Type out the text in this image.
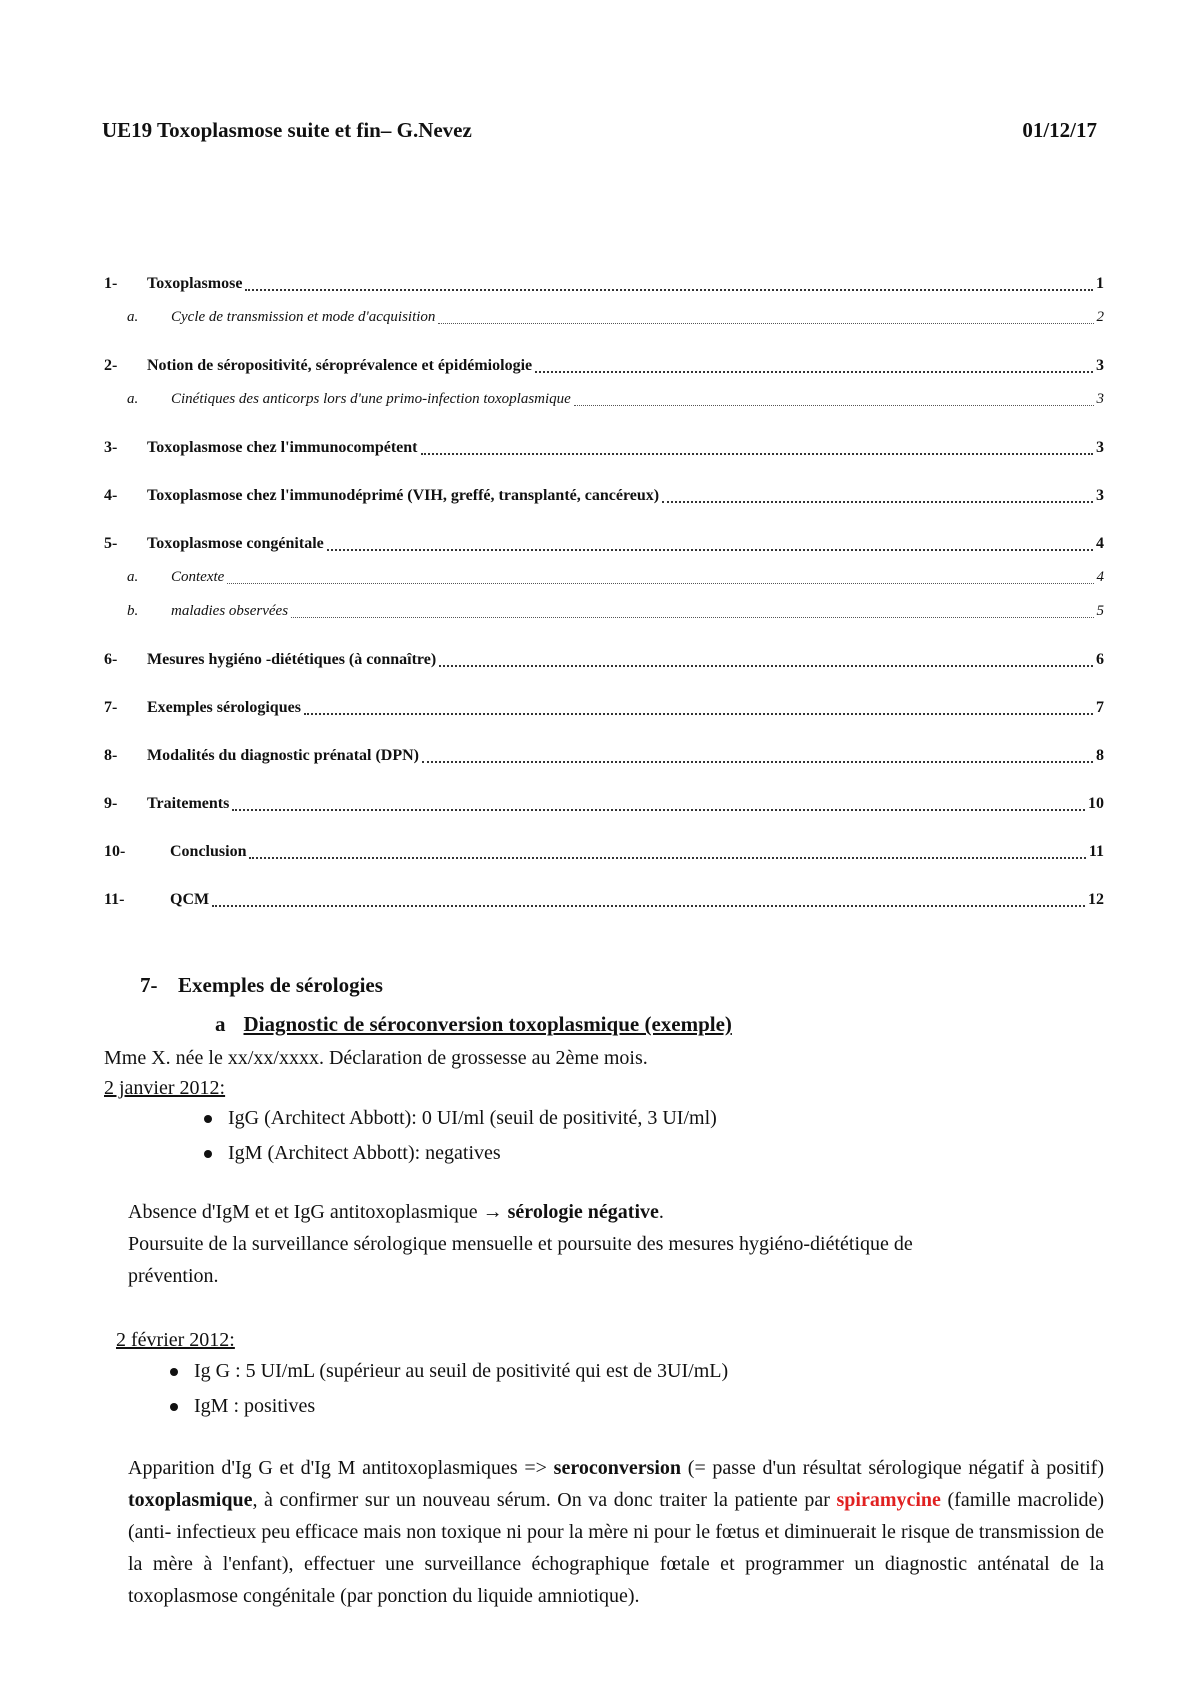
UE19 Toxoplasmose suite et fin– G.Nevez	01/12/17
1-	Toxoplasmose	1
a.	Cycle de transmission et mode d'acquisition	2
2-	Notion de séropositivité, séroprévalence et épidémiologie	3
a.	Cinétiques des anticorps lors d'une primo-infection toxoplasmique	3
3-	Toxoplasmose chez l'immunocompétent	3
4-	Toxoplasmose chez l'immunodéprimé (VIH, greffé, transplanté, cancéreux)	3
5-	Toxoplasmose congénitale	4
a.	Contexte	4
b.	maladies observées	5
6-	Mesures hygiéno -diététiques (à connaître)	6
7-	Exemples sérologiques	7
8-	Modalités du diagnostic prénatal (DPN)	8
9-	Traitements	10
10-	Conclusion	11
11-	QCM	12
7- Exemples de sérologies
a Diagnostic de séroconversion toxoplasmique (exemple)
Mme X. née le xx/xx/xxxx. Déclaration de grossesse au 2ème mois.
2 janvier 2012:
IgG (Architect Abbott): 0 UI/ml (seuil de positivité, 3 UI/ml)
IgM (Architect Abbott): negatives
Absence d'IgM et et IgG antitoxoplasmique → sérologie négative.
Poursuite de la surveillance sérologique mensuelle et poursuite des mesures hygiéno-diététique de prévention.
2 février 2012:
Ig G : 5 UI/mL (supérieur au seuil de positivité qui est de 3UI/mL)
IgM : positives
Apparition d'Ig G et d'Ig M antitoxoplasmiques => seroconversion (= passe d'un résultat sérologique négatif à positif) toxoplasmique, à confirmer sur un nouveau sérum. On va donc traiter la patiente par spiramycine (famille macrolide) (anti- infectieux peu efficace mais non toxique ni pour la mère ni pour le fœtus et diminuerait le risque de transmission de la mère à l'enfant), effectuer une surveillance échographique fœtale et programmer un diagnostic anténatal de la toxoplasmose congénitale (par ponction du liquide amniotique).
